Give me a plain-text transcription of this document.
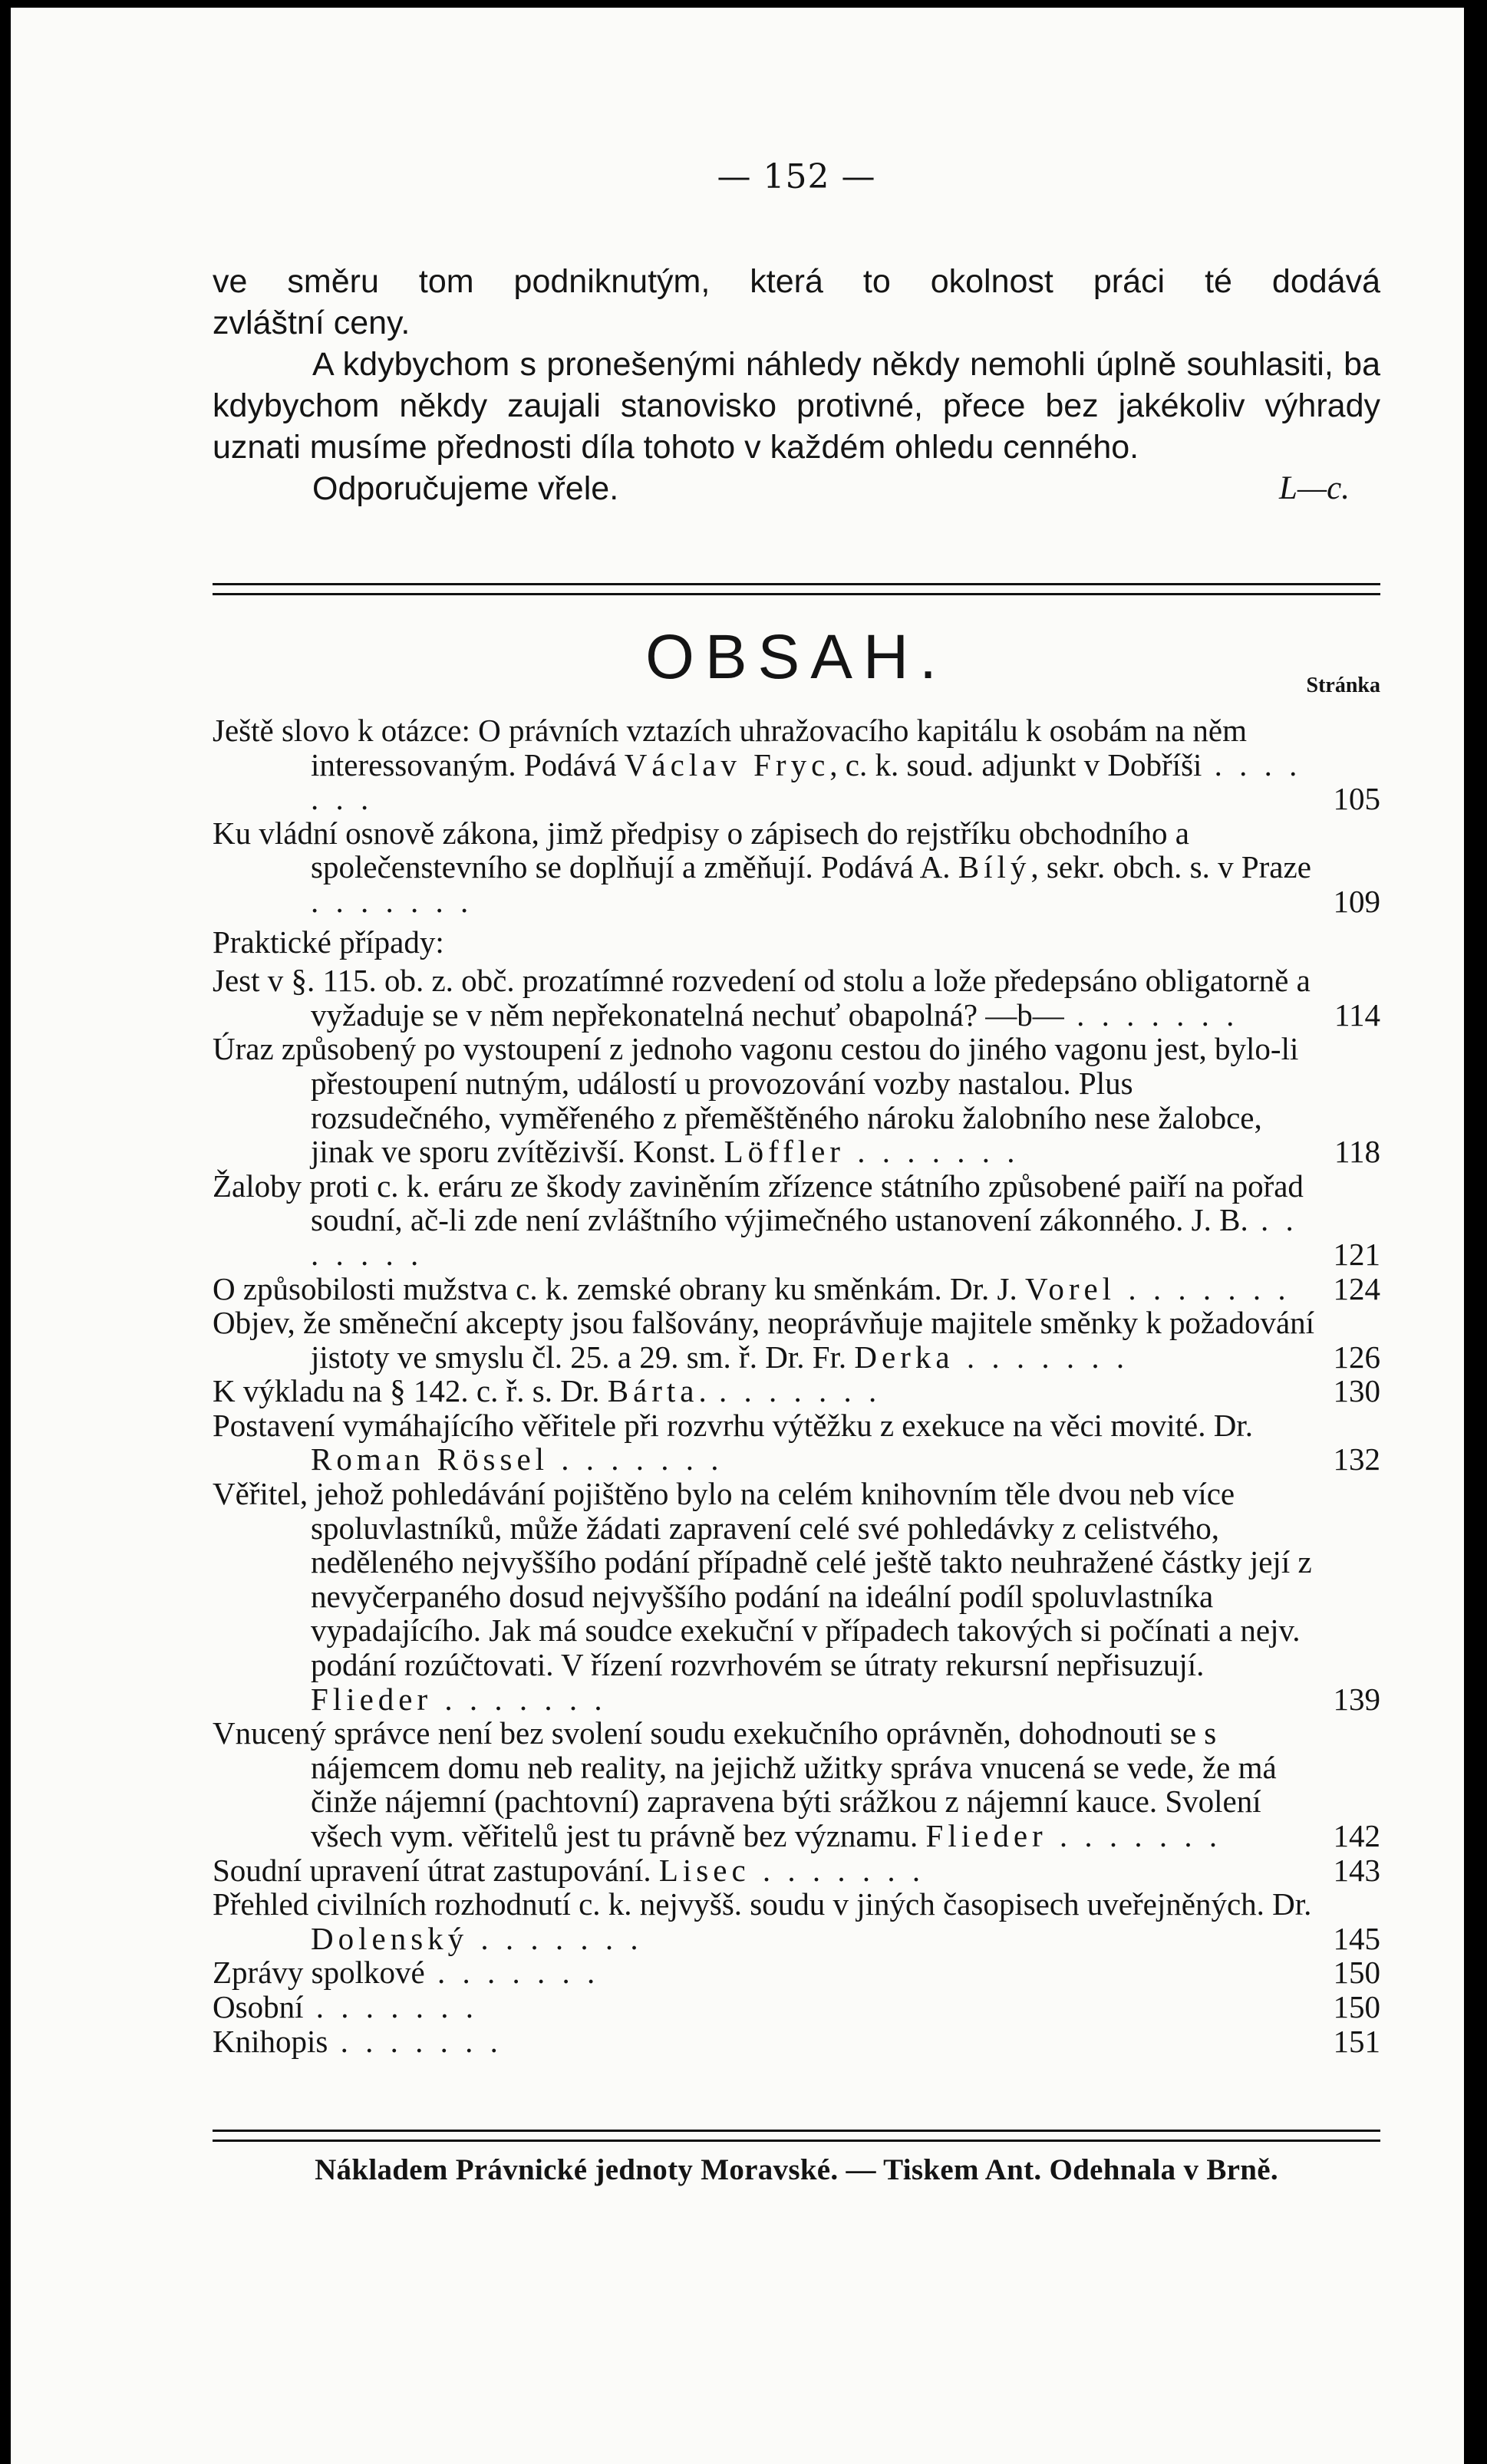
— 152 —

ve směru tom podniknutým, která to okolnost práci té dodává

zvláštní ceny.

A kdybychom s pronešenými náhledy někdy nemohli úplně souhlasiti, ba kdybychom někdy zaujali stanovisko protivné, přece bez jakékoliv výhrady uznati musíme přednosti díla tohoto v každém ohledu cenného.

Odporučujeme vřele.	L—c.
OBSAH.	Stránka
Ještě slovo k otázce: O právních vztazích uhražovacího kapitálu k osobám na něm interessovaným. Podává Václav Fryc, c. k. soud. adjunkt v Dobříši . . . . . . .	105
Ku vládní osnově zákona, jimž předpisy o zápisech do rejstříku obchodního a společenstevního se doplňují a změňují. Podává A. Bílý, sekr. obch. s. v Praze . . . . . . .	109
Praktické případy:
Jest v §. 115. ob. z. obč. prozatímné rozvedení od stolu a lože předepsáno obligatorně a vyžaduje se v něm nepřekonatelná nechuť obapolná? —b— . . . . . . .	114
Úraz způsobený po vystoupení z jednoho vagonu cestou do jiného vagonu jest, bylo-li přestoupení nutným, událostí u provozování vozby nastalou. Plus rozsudečného, vyměřeného z přeměštěného nároku žalobního nese žalobce, jinak ve sporu zvítězivší. Konst. Löffler . . . . . . .	118
Žaloby proti c. k. eráru ze škody zaviněním zřízence státního způsobené paiří na pořad soudní, ač-li zde není zvláštního výjimečného ustanovení zákonného. J. B. . . . . . . .	121
O způsobilosti mužstva c. k. zemské obrany ku směnkám. Dr. J. Vorel . . . . . . . 124
Objev, že směneční akcepty jsou falšovány, neoprávňuje majitele směnky k požadování jistoty ve smyslu čl. 25. a 29. sm. ř. Dr. Fr. Derka . . . . . . .	126
K výkladu na § 142. c. ř. s. Dr. Bárta. . . . . . . .	130
Postavení vymáhajícího věřitele při rozvrhu výtěžku z exekuce na věci movité. Dr. Roman Rössel . . . . . . .	132
Věřitel, jehož pohledávání pojištěno bylo na celém knihovním těle dvou neb více spoluvlastníků, může žádati zapravení celé své pohledávky z celistvého, neděleného nejvyššího podání případně celé ještě takto neuhražené částky její z nevyčerpaného dosud nejvyššího podání na ideální podíl spoluvlastníka vypadajícího. Jak má soudce exekuční v případech takových si počínati a nejv. podání rozúčtovati. V řízení rozvrhovém se útraty rekursní nepřisuzují. Flieder . . . . . . .	139
Vnucený správce není bez svolení soudu exekučního oprávněn, dohodnouti se s nájemcem domu neb reality, na jejichž užitky správa vnucená se vede, že má činže nájemní (pachtovní) zapravena býti srážkou z nájemní kauce. Svolení všech vym. věřitelů jest tu právně bez významu. Flieder . . . . . . .	142
Soudní upravení útrat zastupování. Lisec . . . . . . .	143
Přehled civilních rozhodnutí c. k. nejvyšš. soudu v jiných časopisech uveřejněných. Dr. Dolenský . . . . . . .	145
Zprávy spolkové . . . . . . .	150
Osobní . . . . . . .	150
Knihopis . . . . . . .	151
Nákladem Právnické jednoty Moravské. — Tiskem Ant. Odehnala v Brně.
